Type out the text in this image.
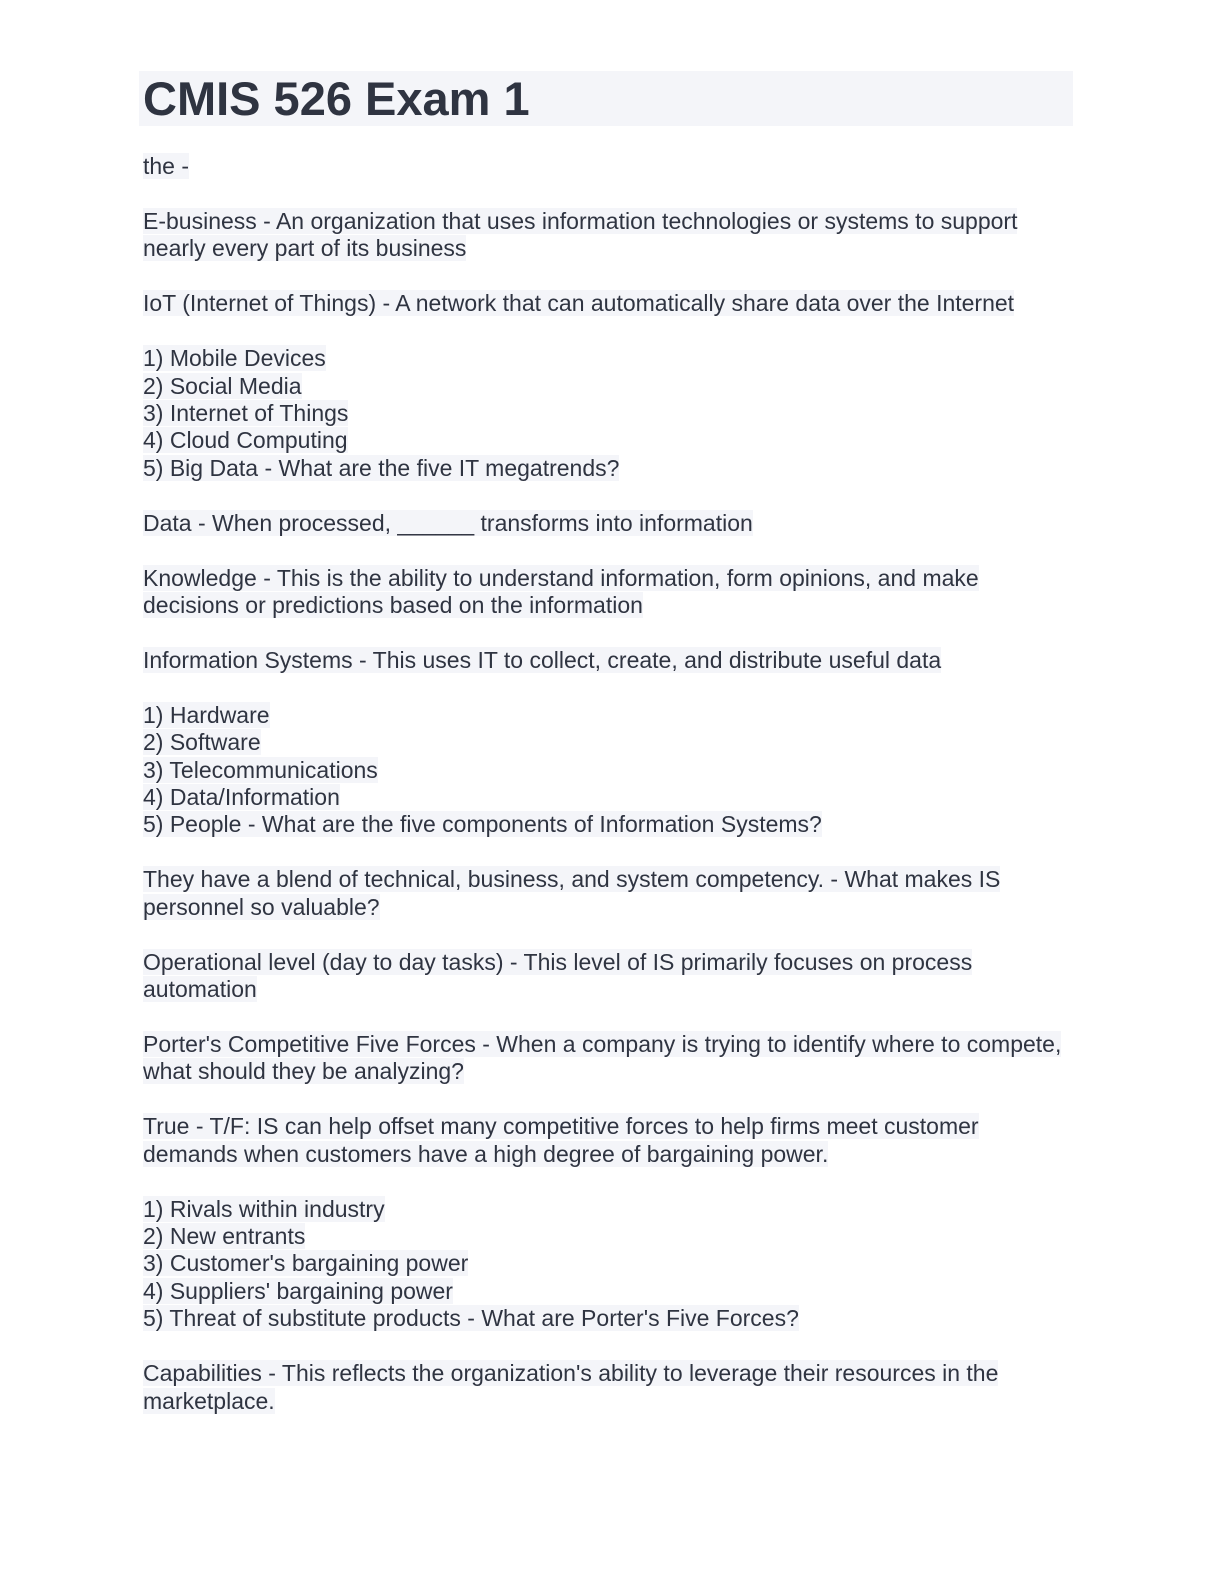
CMIS 526 Exam 1

the -

E-business - An organization that uses information technologies or systems to support nearly every part of its business

IoT (Internet of Things) - A network that can automatically share data over the Internet

1) Mobile Devices
2) Social Media
3) Internet of Things
4) Cloud Computing
5) Big Data - What are the five IT megatrends?

Data - When processed, ______ transforms into information

Knowledge - This is the ability to understand information, form opinions, and make decisions or predictions based on the information

Information Systems - This uses IT to collect, create, and distribute useful data

1) Hardware
2) Software
3) Telecommunications
4) Data/Information
5) People - What are the five components of Information Systems?

They have a blend of technical, business, and system competency. - What makes IS personnel so valuable?

Operational level (day to day tasks) - This level of IS primarily focuses on process automation

Porter's Competitive Five Forces - When a company is trying to identify where to compete, what should they be analyzing?

True - T/F: IS can help offset many competitive forces to help firms meet customer demands when customers have a high degree of bargaining power.

1) Rivals within industry
2) New entrants
3) Customer's bargaining power
4) Suppliers' bargaining power
5) Threat of substitute products - What are Porter's Five Forces?

Capabilities - This reflects the organization's ability to leverage their resources in the marketplace.
